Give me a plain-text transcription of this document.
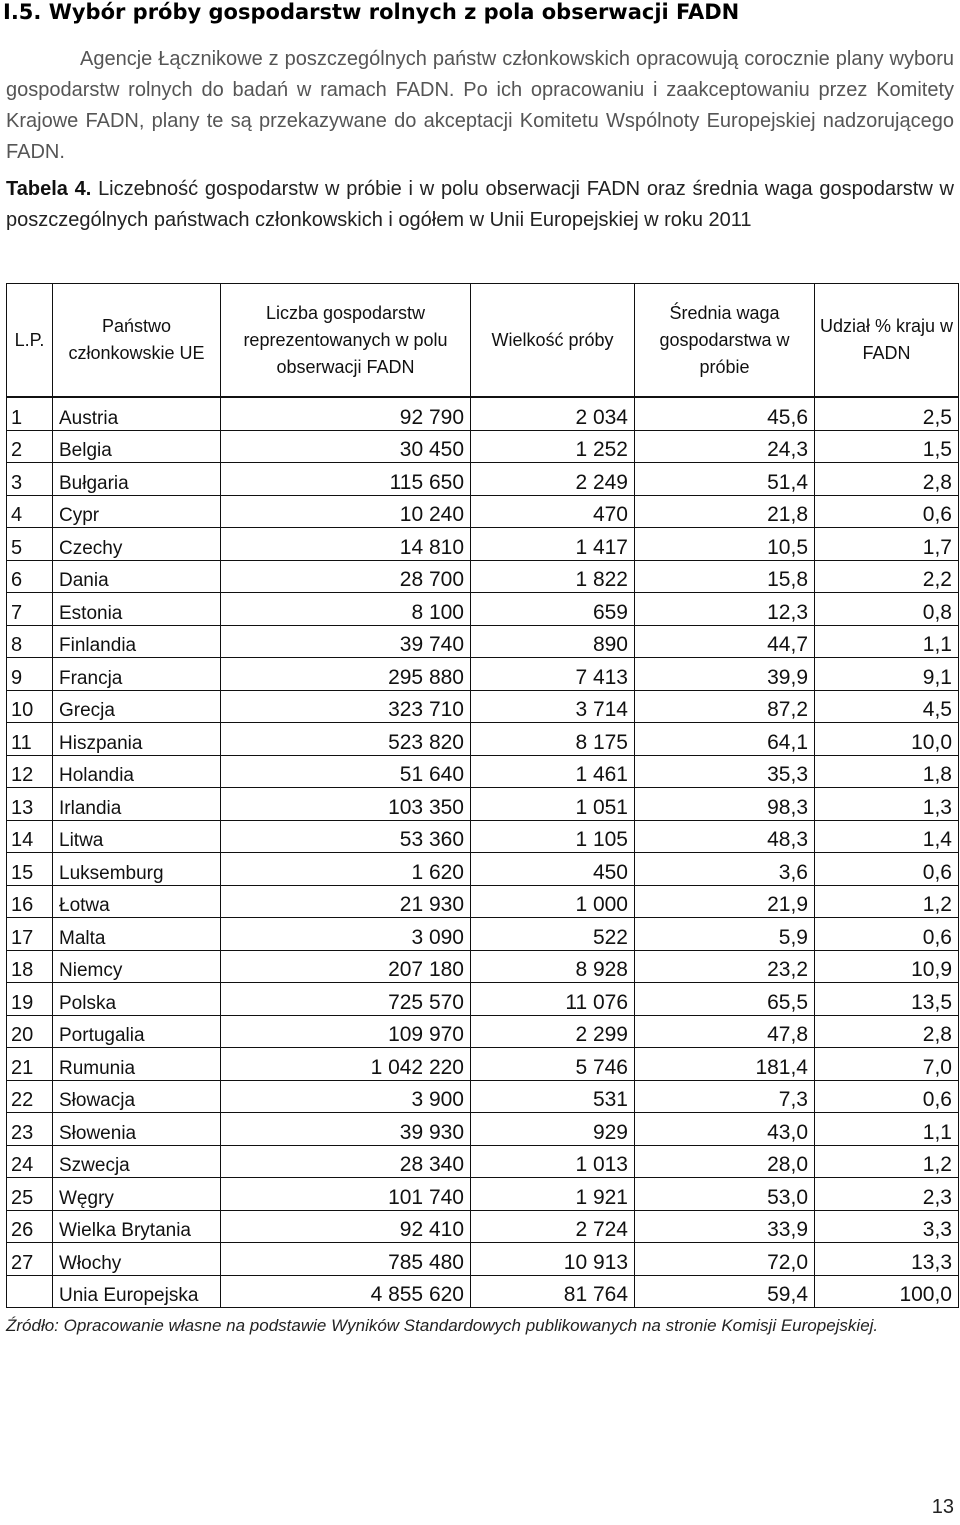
I.5. Wybór próby gospodarstw rolnych z pola obserwacji FADN

Agencje Łącznikowe z poszczególnych państw członkowskich opracowują corocznie plany wyboru gospodarstw rolnych do badań w ramach FADN. Po ich opracowaniu i zaakceptowaniu przez Komitety Krajowe FADN, plany te są przekazywane do akceptacji Komitetu Wspólnoty Europejskiej nadzorującego FADN.

Tabela 4. Liczebność gospodarstw w próbie i w polu obserwacji FADN oraz średnia waga gospodarstw w poszczególnych państwach członkowskich i ogółem w Unii Europejskiej w roku 2011

L.P.	Państwo członkowskie UE	Liczba gospodarstw reprezentowanych w polu obserwacji FADN	Wielkość próby	Średnia waga gospodarstwa w próbie	Udział % kraju w FADN
1	Austria	92 790	2 034	45,6	2,5
2	Belgia	30 450	1 252	24,3	1,5
3	Bułgaria	115 650	2 249	51,4	2,8
4	Cypr	10 240	470	21,8	0,6
5	Czechy	14 810	1 417	10,5	1,7
6	Dania	28 700	1 822	15,8	2,2
7	Estonia	8 100	659	12,3	0,8
8	Finlandia	39 740	890	44,7	1,1
9	Francja	295 880	7 413	39,9	9,1
10	Grecja	323 710	3 714	87,2	4,5
11	Hiszpania	523 820	8 175	64,1	10,0
12	Holandia	51 640	1 461	35,3	1,8
13	Irlandia	103 350	1 051	98,3	1,3
14	Litwa	53 360	1 105	48,3	1,4
15	Luksemburg	1 620	450	3,6	0,6
16	Łotwa	21 930	1 000	21,9	1,2
17	Malta	3 090	522	5,9	0,6
18	Niemcy	207 180	8 928	23,2	10,9
19	Polska	725 570	11 076	65,5	13,5
20	Portugalia	109 970	2 299	47,8	2,8
21	Rumunia	1 042 220	5 746	181,4	7,0
22	Słowacja	3 900	531	7,3	0,6
23	Słowenia	39 930	929	43,0	1,1
24	Szwecja	28 340	1 013	28,0	1,2
25	Węgry	101 740	1 921	53,0	2,3
26	Wielka Brytania	92 410	2 724	33,9	3,3
27	Włochy	785 480	10 913	72,0	13,3
	Unia Europejska	4 855 620	81 764	59,4	100,0

Źródło: Opracowanie własne na podstawie Wyników Standardowych publikowanych na stronie Komisji Europejskiej.

13
